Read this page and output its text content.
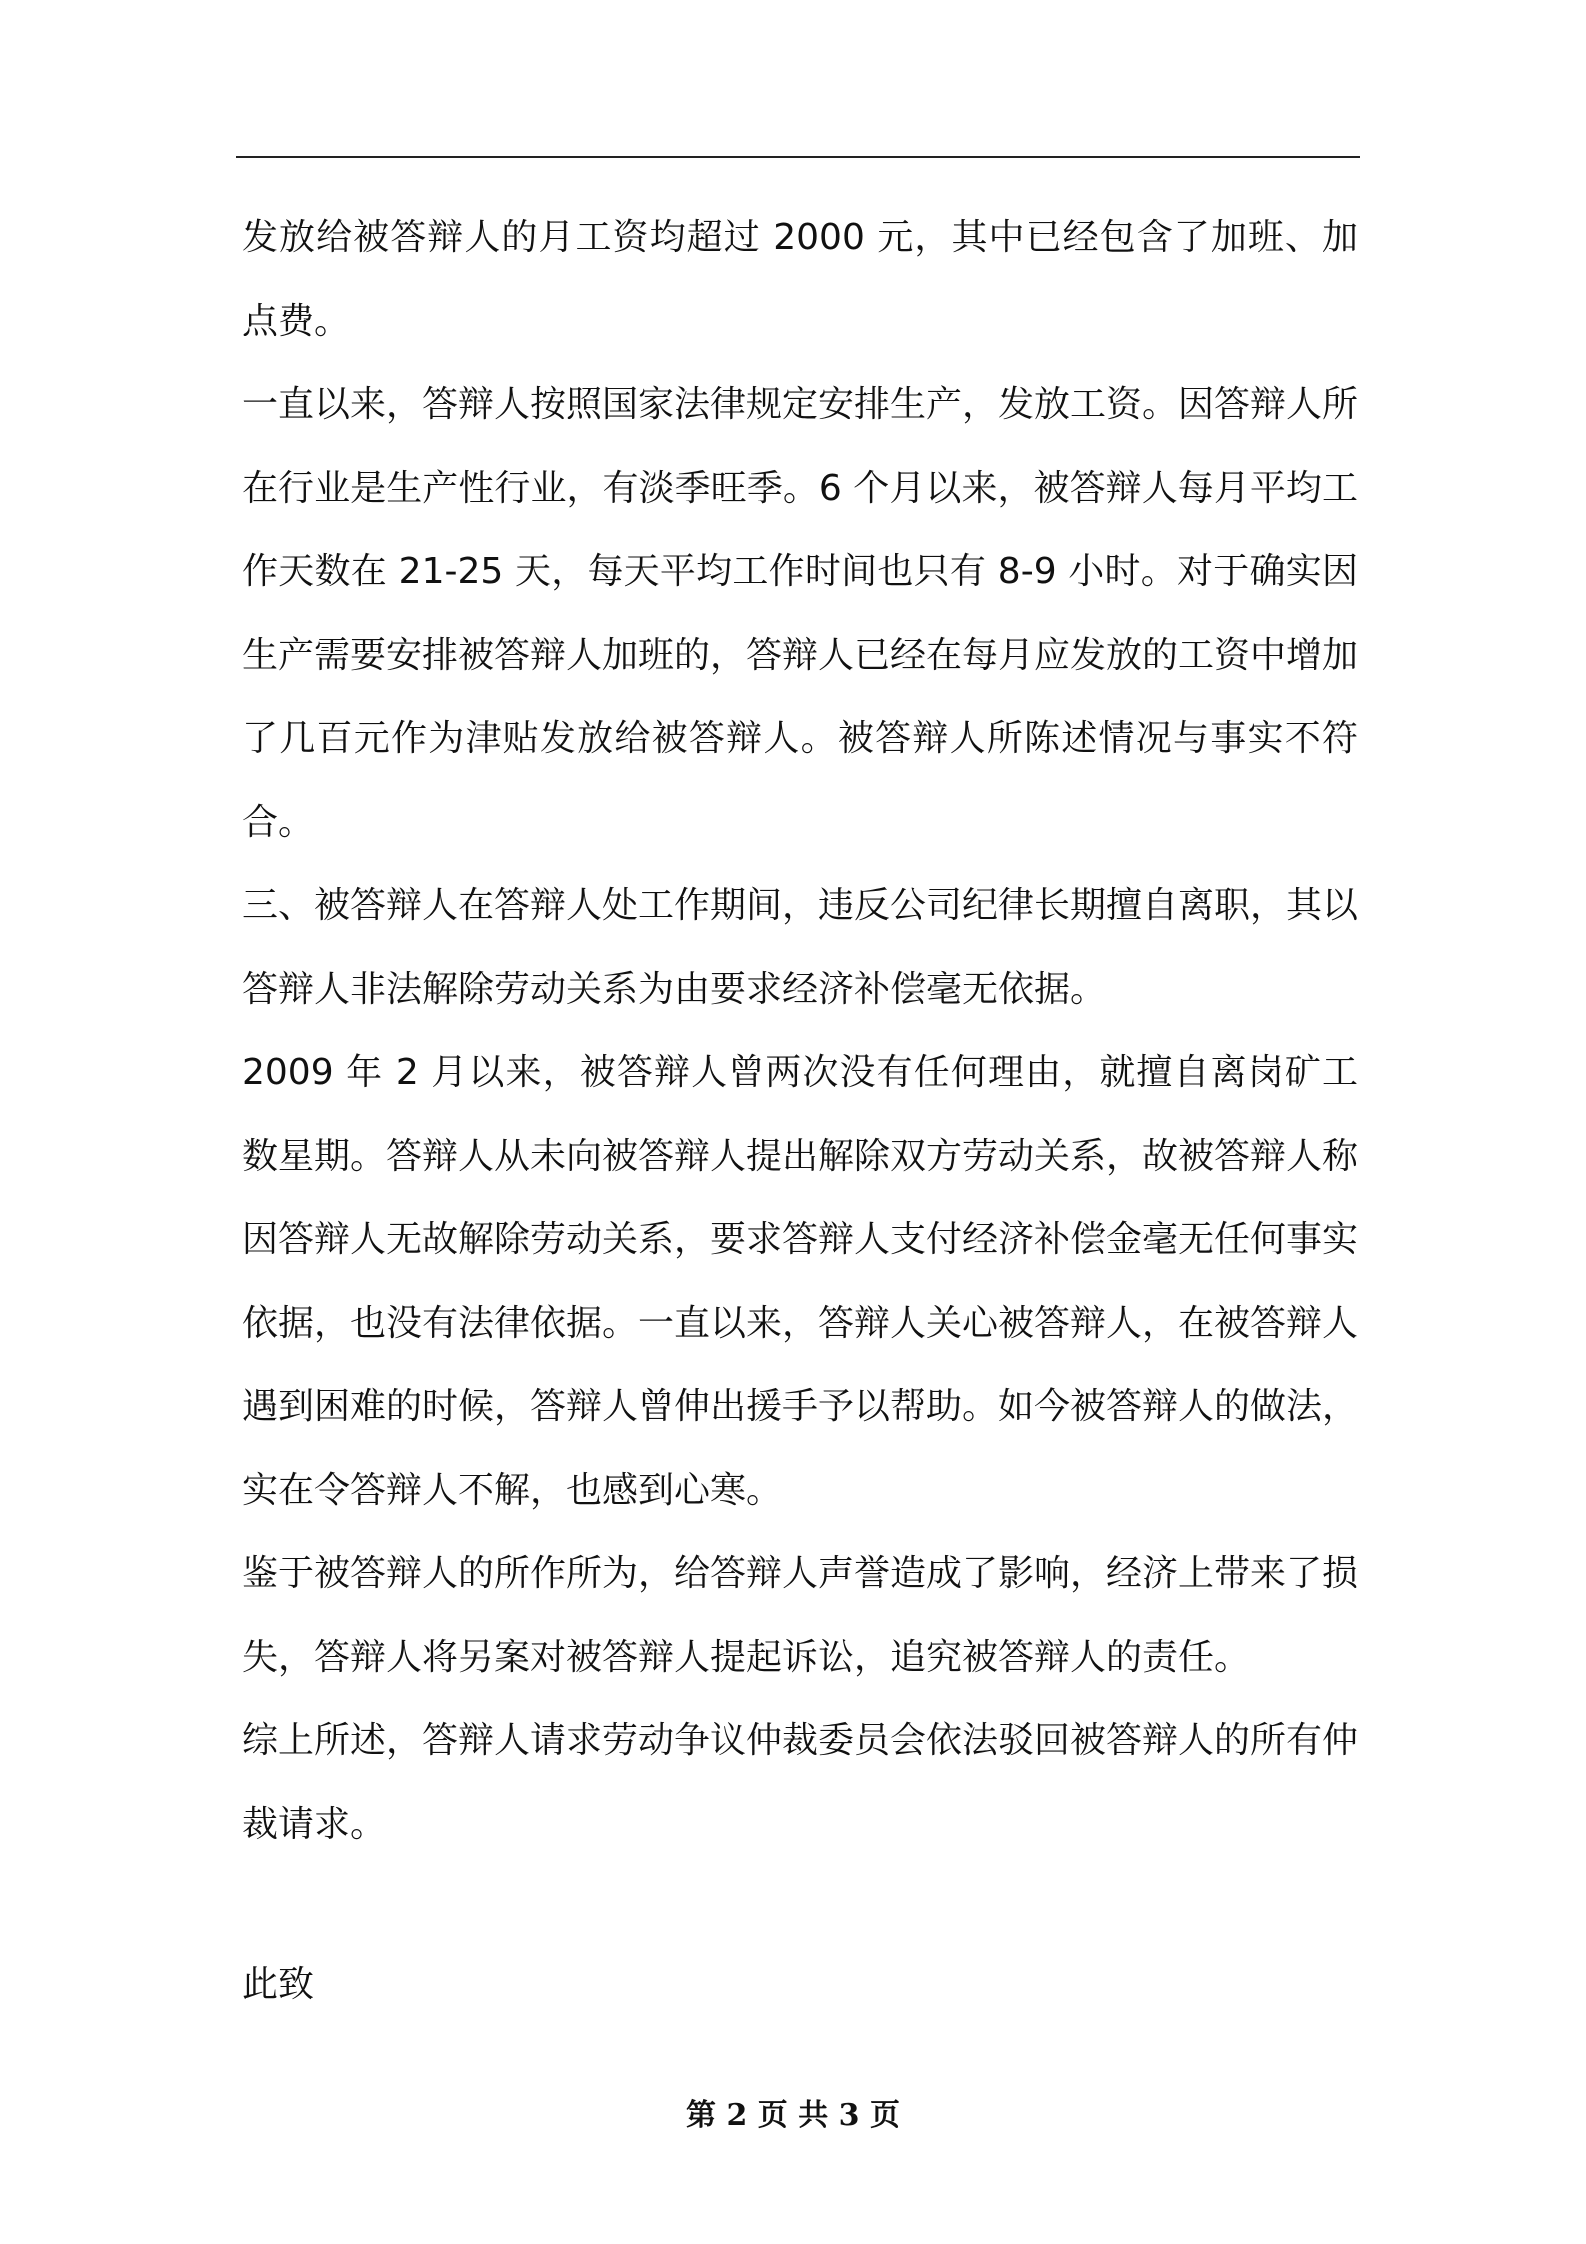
发放给被答辩人的月工资均超过 2000 元，其中已经包含了加班、加点费。

一直以来，答辩人按照国家法律规定安排生产，发放工资。因答辩人所在行业是生产性行业，有淡季旺季。6 个月以来，被答辩人每月平均工作天数在 21-25 天，每天平均工作时间也只有 8-9 小时。对于确实因生产需要安排被答辩人加班的，答辩人已经在每月应发放的工资中增加了几百元作为津贴发放给被答辩人。被答辩人所陈述情况与事实不符合。

三、被答辩人在答辩人处工作期间，违反公司纪律长期擅自离职，其以答辩人非法解除劳动关系为由要求经济补偿毫无依据。

2009 年 2 月以来，被答辩人曾两次没有任何理由，就擅自离岗矿工数星期。答辩人从未向被答辩人提出解除双方劳动关系，故被答辩人称因答辩人无故解除劳动关系，要求答辩人支付经济补偿金毫无任何事实依据，也没有法律依据。一直以来，答辩人关心被答辩人，在被答辩人遇到困难的时候，答辩人曾伸出援手予以帮助。如今被答辩人的做法，实在令答辩人不解，也感到心寒。

鉴于被答辩人的所作所为，给答辩人声誉造成了影响，经济上带来了损失，答辩人将另案对被答辩人提起诉讼，追究被答辩人的责任。

综上所述，答辩人请求劳动争议仲裁委员会依法驳回被答辩人的所有仲裁请求。

此致

第 2 页 共 3 页
